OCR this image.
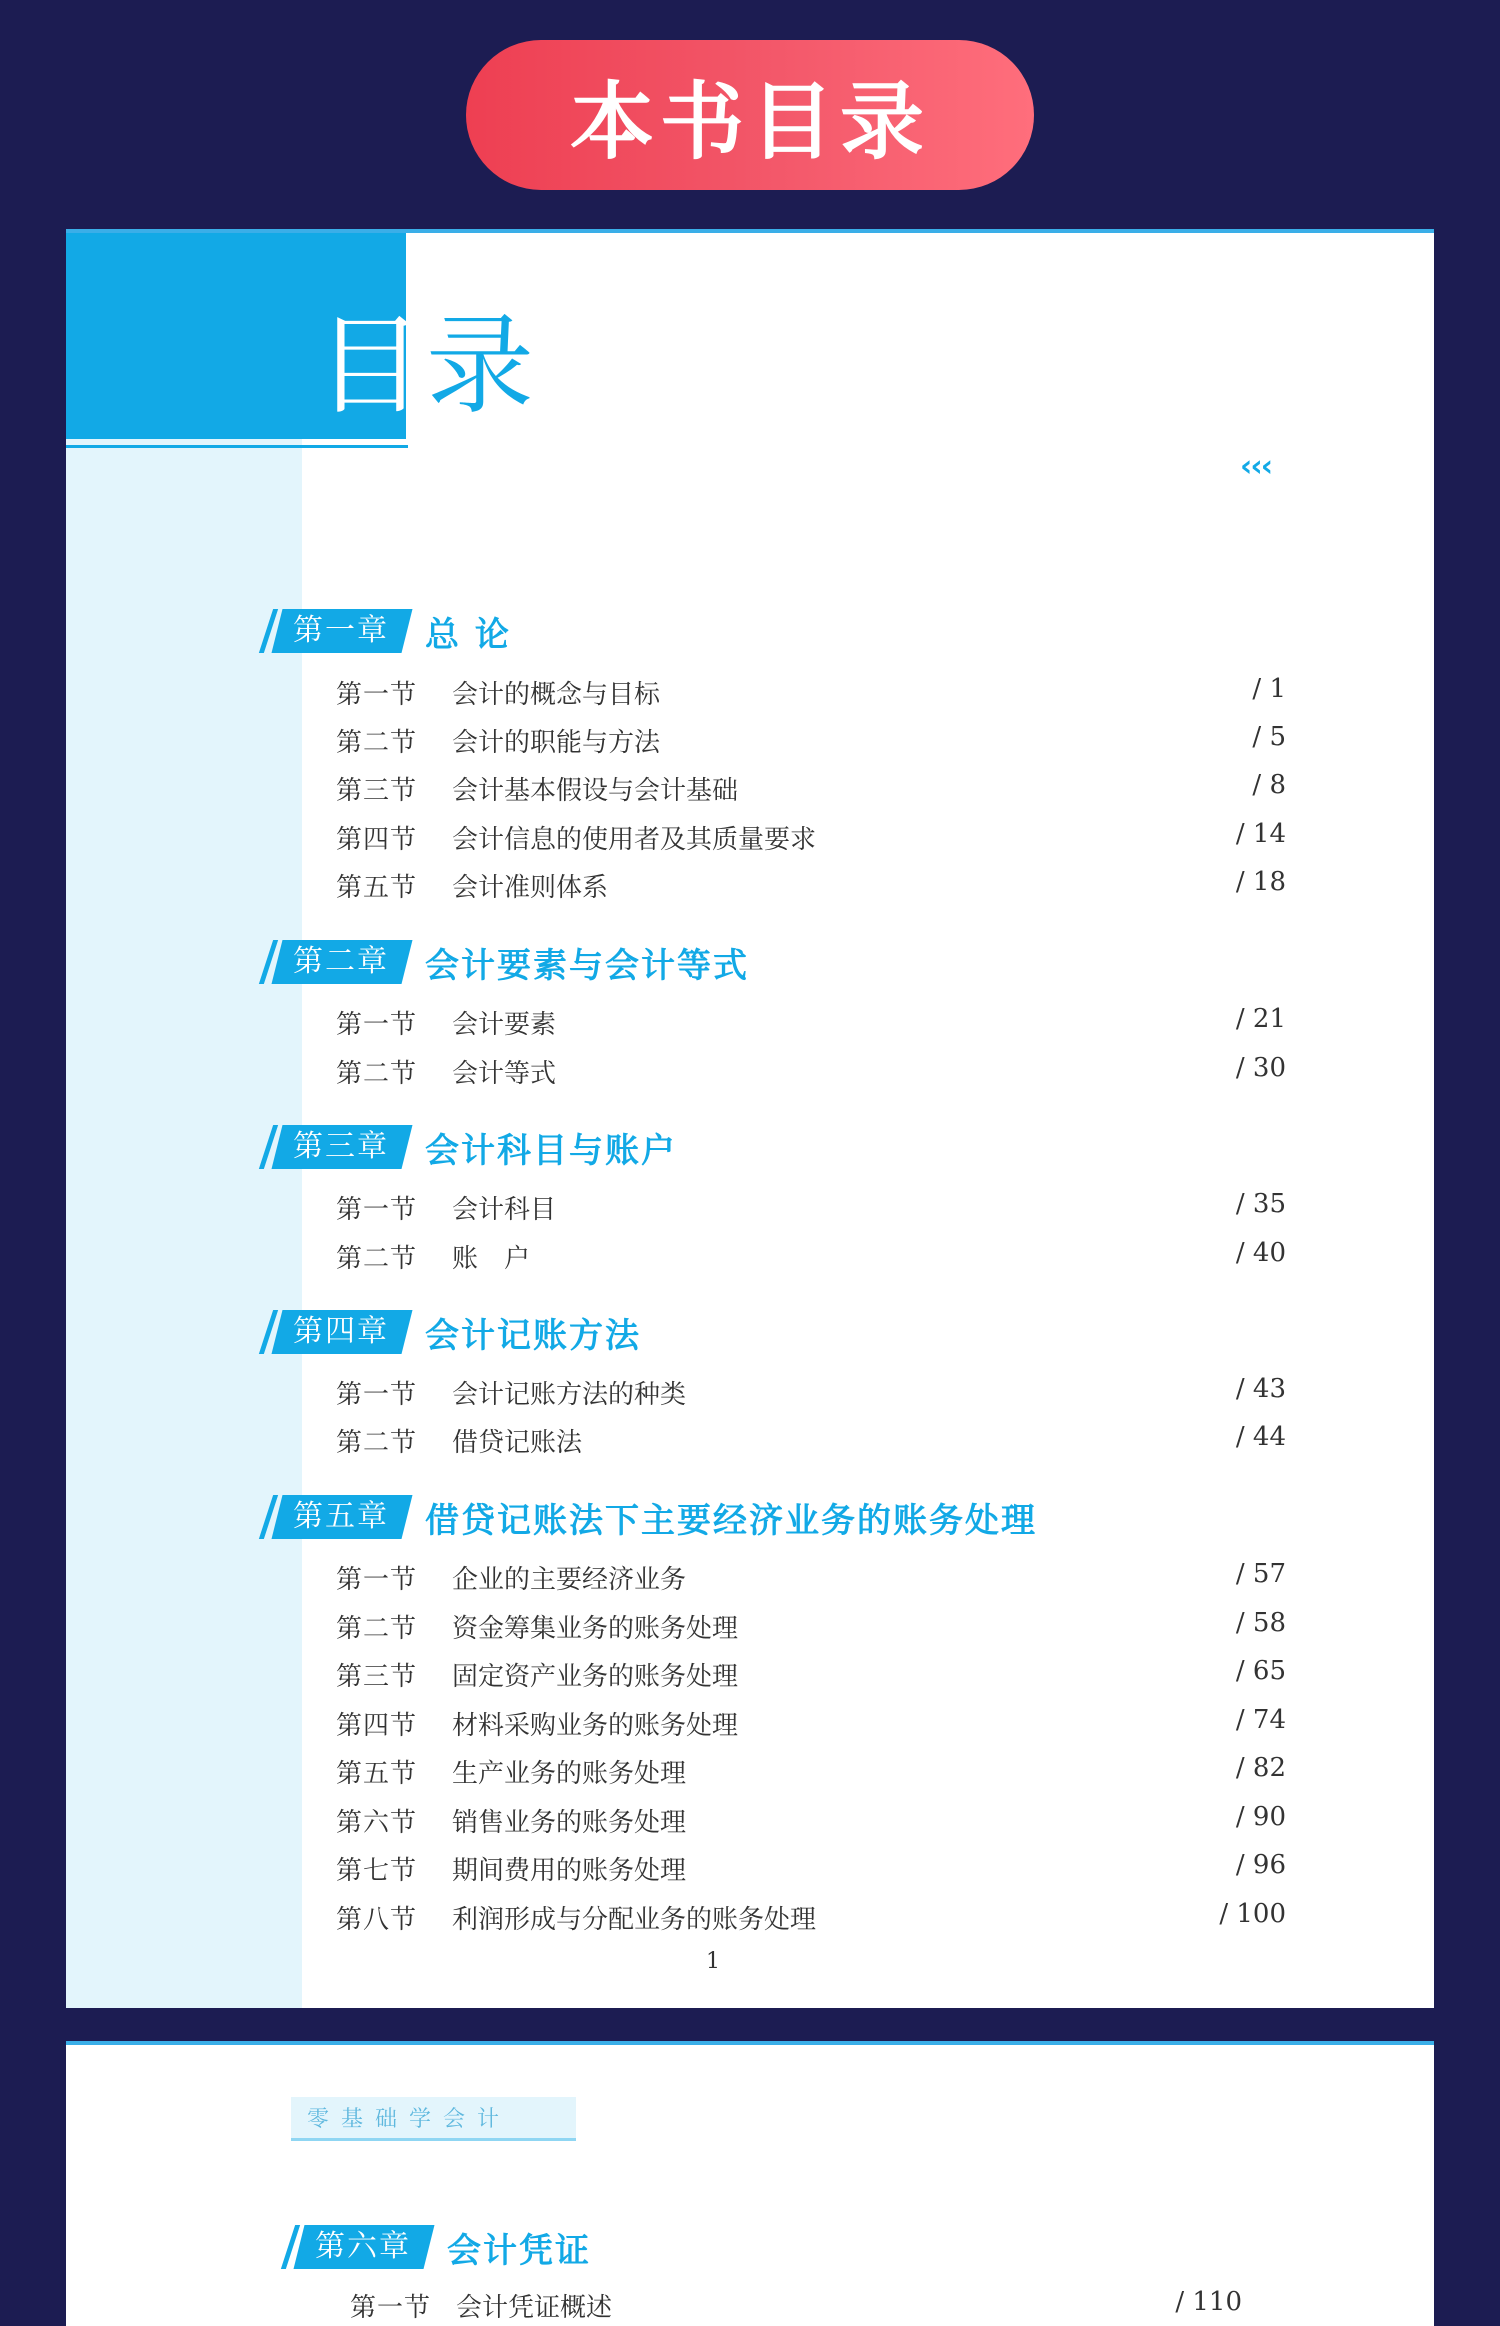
本书目录
目 录
‹‹‹
第一章	总 论
第一节 会计的概念与目标	/ 1
第二节 会计的职能与方法	/ 5
第三节 会计基本假设与会计基础	/ 8
第四节 会计信息的使用者及其质量要求	/ 14
第五节 会计准则体系	/ 18
第二章	会计要素与会计等式
第一节 会计要素	/ 21
第二节 会计等式	/ 30
第三章	会计科目与账户
第一节 会计科目	/ 35
第二节 账　户	/ 40
第四章	会计记账方法
第一节 会计记账方法的种类	/ 43
第二节 借贷记账法	/ 44
第五章	借贷记账法下主要经济业务的账务处理
第一节 企业的主要经济业务	/ 57
第二节 资金筹集业务的账务处理	/ 58
第三节 固定资产业务的账务处理	/ 65
第四节 材料采购业务的账务处理	/ 74
第五节 生产业务的账务处理	/ 82
第六节 销售业务的账务处理	/ 90
第七节 期间费用的账务处理	/ 96
第八节 利润形成与分配业务的账务处理	/ 100
1
零基础学会计
第六章	会计凭证
第一节 会计凭证概述	/ 110
